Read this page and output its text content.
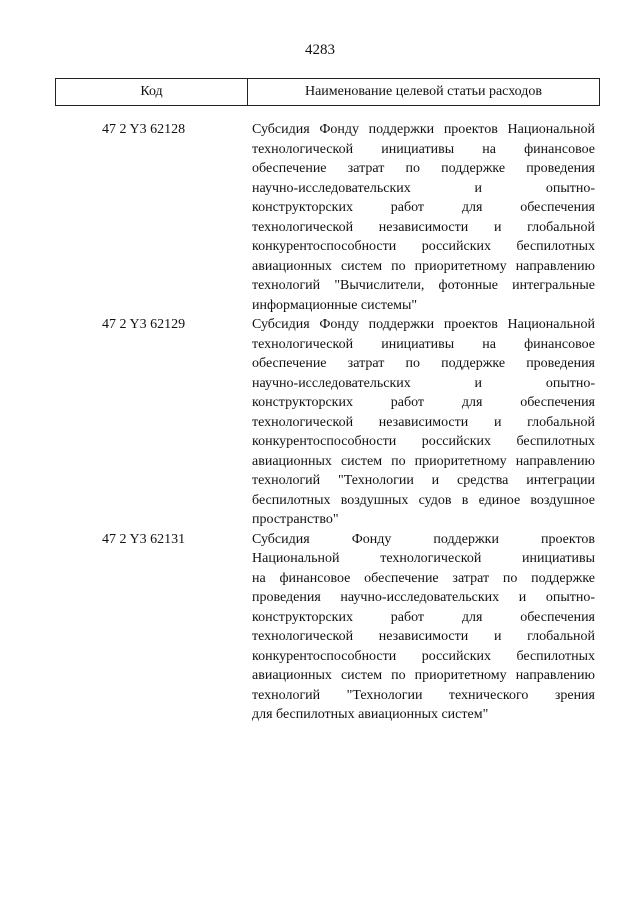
4283
Код	Наименование целевой статьи расходов
47 2 Y3 62128	Субсидия Фонду поддержки проектов Национальной
технологической инициативы на финансовое
обеспечение затрат по поддержке проведения
научно-исследовательских и опытно-
конструкторских работ для обеспечения
технологической независимости и глобальной
конкурентоспособности российских беспилотных
авиационных систем по приоритетному направлению
технологий "Вычислители, фотонные интегральные
информационные системы"
47 2 Y3 62129	Субсидия Фонду поддержки проектов Национальной
технологической инициативы на финансовое
обеспечение затрат по поддержке проведения
научно-исследовательских и опытно-
конструкторских работ для обеспечения
технологической независимости и глобальной
конкурентоспособности российских беспилотных
авиационных систем по приоритетному направлению
технологий "Технологии и средства интеграции
беспилотных воздушных судов в единое воздушное
пространство"
47 2 Y3 62131	Субсидия Фонду поддержки проектов
Национальной технологической инициативы
на финансовое обеспечение затрат по поддержке
проведения научно-исследовательских и опытно-
конструкторских работ для обеспечения
технологической независимости и глобальной
конкурентоспособности российских беспилотных
авиационных систем по приоритетному направлению
технологий "Технологии технического зрения
для беспилотных авиационных систем"
